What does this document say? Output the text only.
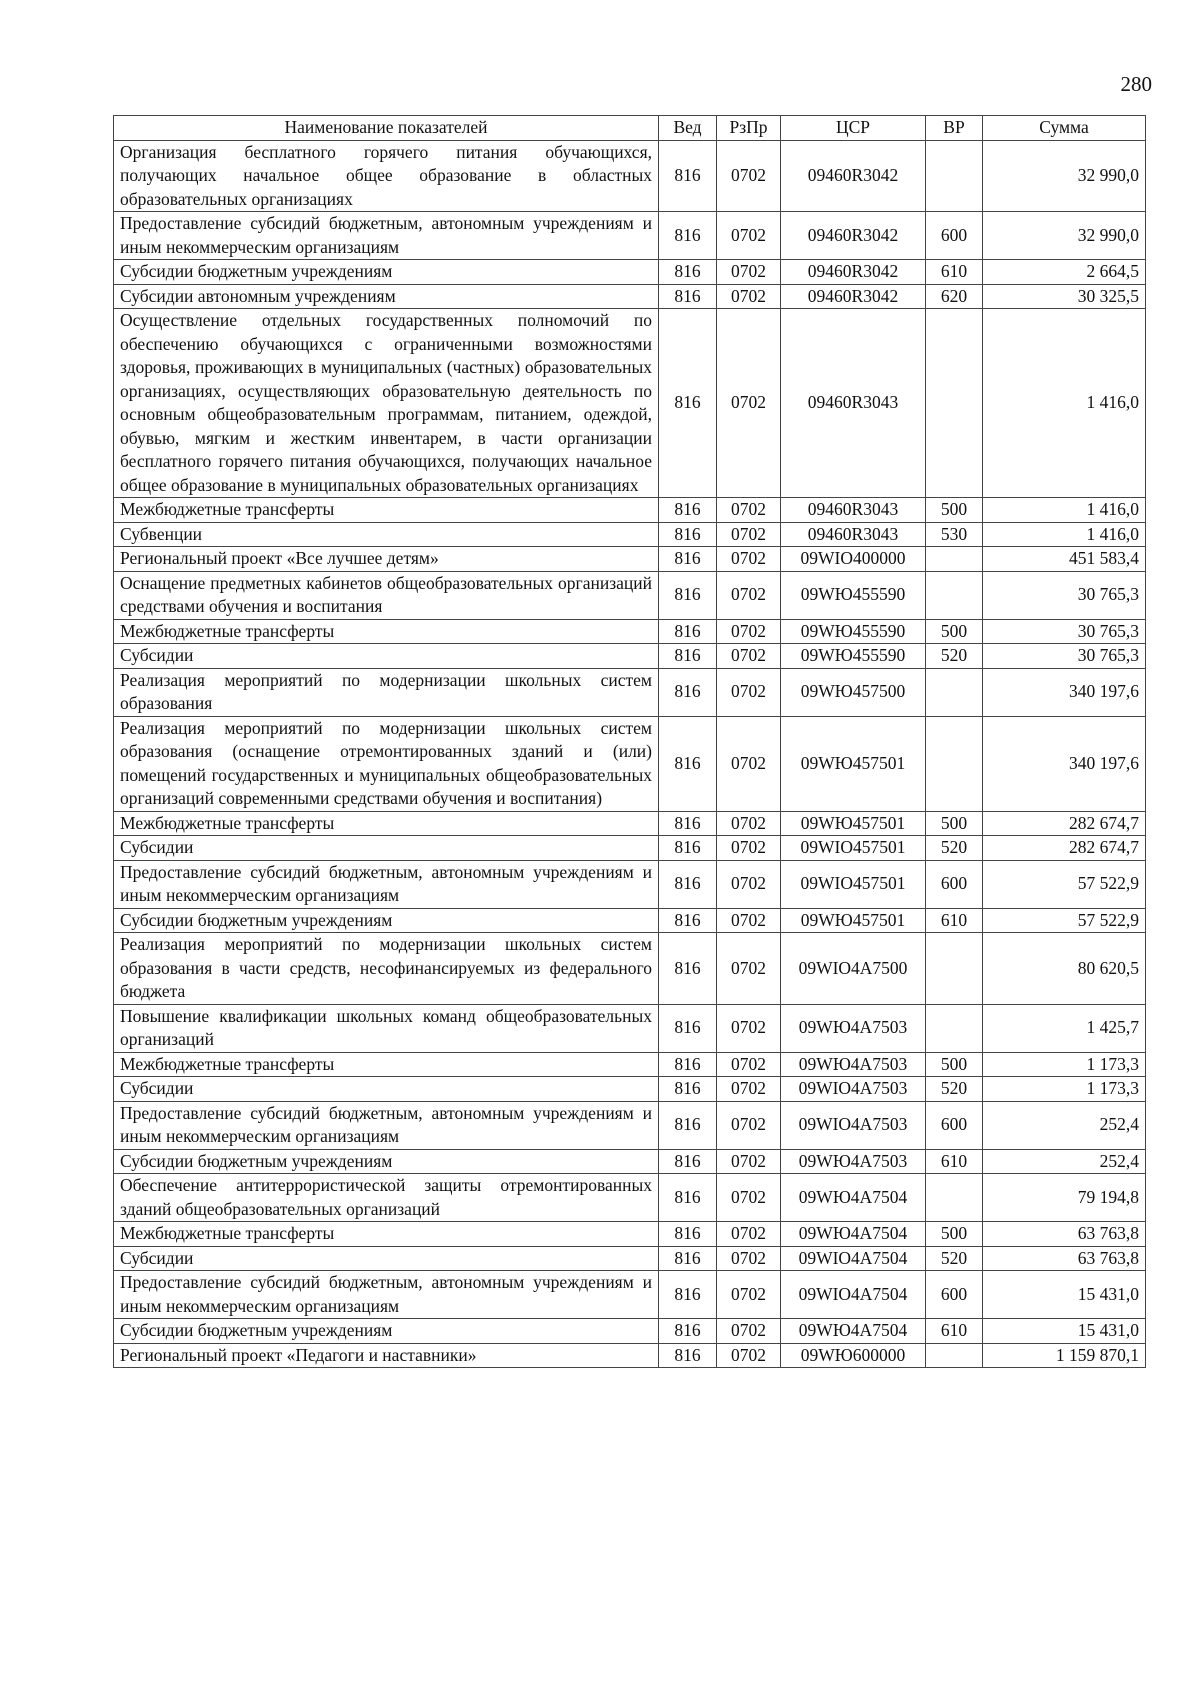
280
Наименование показателей	Вед	РзПр	ЦСР	ВР	Сумма
Организация бесплатного горячего питания обучающихся, получающих начальное общее образование в областных образовательных организациях	816	0702	09460R3042		32 990,0
Предоставление субсидий бюджетным, автономным учреждениям и иным некоммерческим организациям	816	0702	09460R3042	600	32 990,0
Субсидии бюджетным учреждениям	816	0702	09460R3042	610	2 664,5
Субсидии автономным учреждениям	816	0702	09460R3042	620	30 325,5
Осуществление отдельных государственных полномочий по обеспечению обучающихся с ограниченными возможностями здоровья, проживающих в муниципальных (частных) образовательных организациях, осуществляющих образовательную деятельность по основным общеобразовательным программам, питанием, одеждой, обувью, мягким и жестким инвентарем, в части организации бесплатного горячего питания обучающихся, получающих начальное общее образование в муниципальных образовательных организациях	816	0702	09460R3043		1 416,0
Межбюджетные трансферты	816	0702	09460R3043	500	1 416,0
Субвенции	816	0702	09460R3043	530	1 416,0
Региональный проект «Все лучшее детям»	816	0702	09WIO400000		451 583,4
Оснащение предметных кабинетов общеобразовательных организаций средствами обучения и воспитания	816	0702	09WЮ455590		30 765,3
Межбюджетные трансферты	816	0702	09WЮ455590	500	30 765,3
Субсидии	816	0702	09WЮ455590	520	30 765,3
Реализация мероприятий по модернизации школьных систем образования	816	0702	09WЮ457500		340 197,6
Реализация мероприятий по модернизации школьных систем образования (оснащение отремонтированных зданий и (или) помещений государственных и муниципальных общеобразовательных организаций современными средствами обучения и воспитания)	816	0702	09WЮ457501		340 197,6
Межбюджетные трансферты	816	0702	09WЮ457501	500	282 674,7
Субсидии	816	0702	09WIO457501	520	282 674,7
Предоставление субсидий бюджетным, автономным учреждениям и иным некоммерческим организациям	816	0702	09WIO457501	600	57 522,9
Субсидии бюджетным учреждениям	816	0702	09WЮ457501	610	57 522,9
Реализация мероприятий по модернизации школьных систем образования в части средств, несофинансируемых из федерального бюджета	816	0702	09WIO4A7500		80 620,5
Повышение квалификации школьных команд общеобразовательных организаций	816	0702	09WЮ4A7503		1 425,7
Межбюджетные трансферты	816	0702	09WЮ4A7503	500	1 173,3
Субсидии	816	0702	09WIO4A7503	520	1 173,3
Предоставление субсидий бюджетным, автономным учреждениям и иным некоммерческим организациям	816	0702	09WIO4A7503	600	252,4
Субсидии бюджетным учреждениям	816	0702	09WЮ4A7503	610	252,4
Обеспечение антитеррористической защиты отремонтированных зданий общеобразовательных организаций	816	0702	09WЮ4A7504		79 194,8
Межбюджетные трансферты	816	0702	09WЮ4A7504	500	63 763,8
Субсидии	816	0702	09WIO4A7504	520	63 763,8
Предоставление субсидий бюджетным, автономным учреждениям и иным некоммерческим организациям	816	0702	09WIO4A7504	600	15 431,0
Субсидии бюджетным учреждениям	816	0702	09WЮ4A7504	610	15 431,0
Региональный проект «Педагоги и наставники»	816	0702	09WЮ600000		1 159 870,1
